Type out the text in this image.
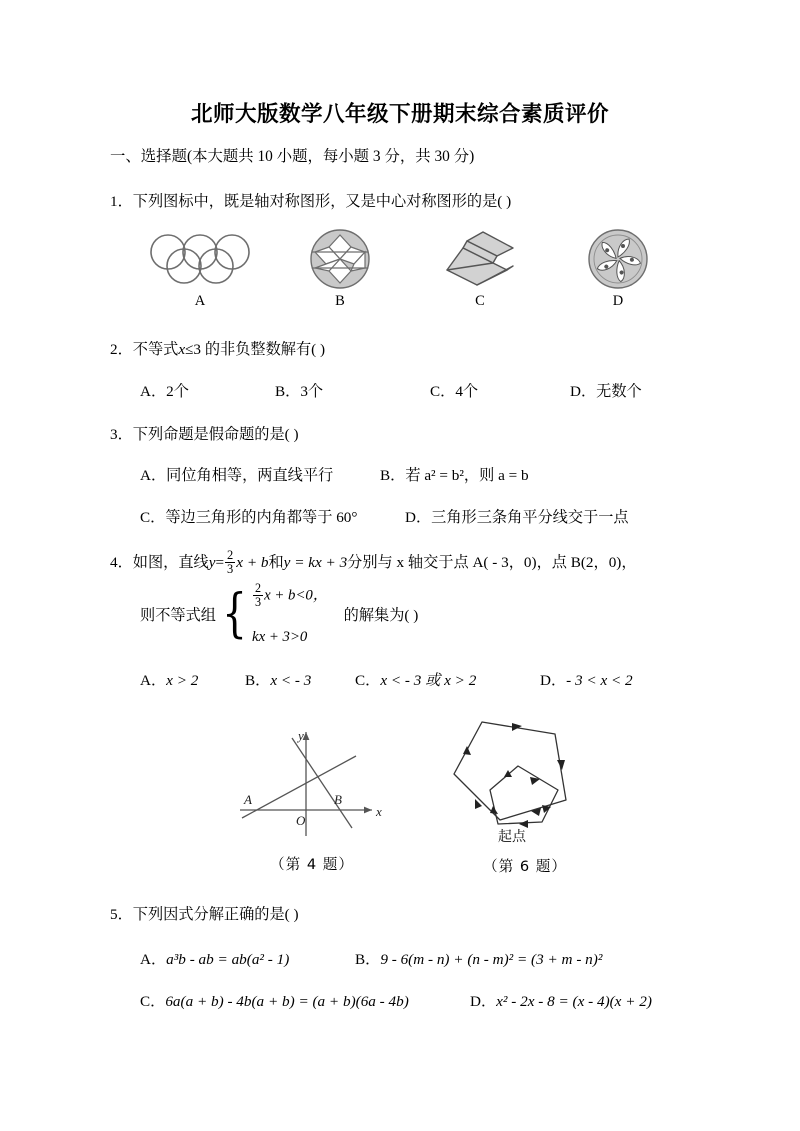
北师大版数学八年级下册期末综合素质评价
一、选择题(本大题共 10 小题，每小题 3 分，共 30 分)
1．下列图标中，既是轴对称图形，又是中心对称图形的是( )
A	B	C	D
2．不等式x≤3 的非负整数解有( )
A．2个	B．3个	C．4个	D．无数个
3．下列命题是假命题的是( )
A．同位角相等，两直线平行	B．若 a² = b²，则 a = b
C．等边三角形的内角都等于 60°	D．三角形三条角平分线交于一点
4．如图，直线$y= \frac{2}{3}$ x + b和y = kx + 3分别与 x 轴交于点 A( - 3，0)，点 B(2，0)，
则不等式组 { $\frac{2}{3}$ x + b<0，
kx + 3>0
的解集为( )
A．x > 2	B．x < - 3	C．x < - 3 或 x > 2	D．- 3 < x < 2
y
x
O
A	B
（第 4 题）
起点
（第 6 题）
5．下列因式分解正确的是( )
A．a³b - ab = ab(a² - 1)	B．9 - 6(m - n) + (n - m)² = (3 + m - n)²
C．6a(a + b) - 4b(a + b) = (a + b)(6a - 4b)	D．x² - 2x - 8 = (x - 4)(x + 2)
